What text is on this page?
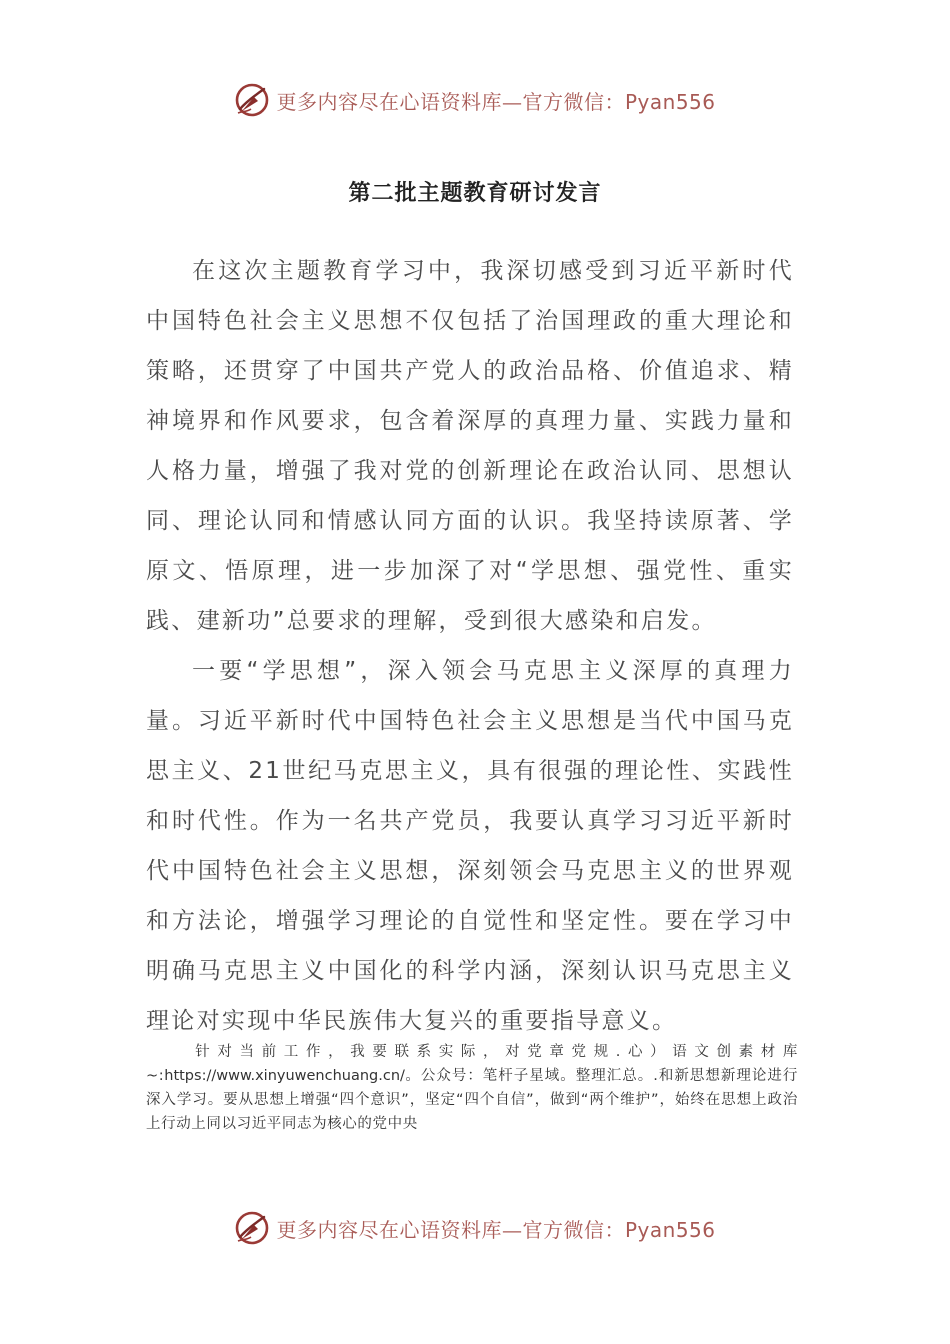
更多内容尽在心语资料库—官方微信：Pyan556
第二批主题教育研讨发言

在这次主题教育学习中，我深切感受到习近平新时代中国特色社会主义思想不仅包括了治国理政的重大理论和策略，还贯穿了中国共产党人的政治品格、价值追求、精神境界和作风要求，包含着深厚的真理力量、实践力量和人格力量，增强了我对党的创新理论在政治认同、思想认同、理论认同和情感认同方面的认识。我坚持读原著、学原文、悟原理，进一步加深了对“学思想、强党性、重实践、建新功”总要求的理解，受到很大感染和启发。

一要“学思想”，深入领会马克思主义深厚的真理力量。习近平新时代中国特色社会主义思想是当代中国马克思主义、21世纪马克思主义，具有很强的理论性、实践性和时代性。作为一名共产党员，我要认真学习习近平新时代中国特色社会主义思想，深刻领会马克思主义的世界观和方法论，增强学习理论的自觉性和坚定性。要在学习中明确马克思主义中国化的科学内涵，深刻认识马克思主义理论对实现中华民族伟大复兴的重要指导意义。

针对当前工作，我要联系实际，对党章党规.心）语文创素材库~:https://www.xinyuwenchuang.cn/。公众号：笔杆子星域。整理汇总。.和新思想新理论进行深入学习。要从思想上增强“四个意识”，坚定“四个自信”，做到“两个维护”，始终在思想上政治上行动上同以习近平同志为核心的党中央

更多内容尽在心语资料库—官方微信：Pyan556
